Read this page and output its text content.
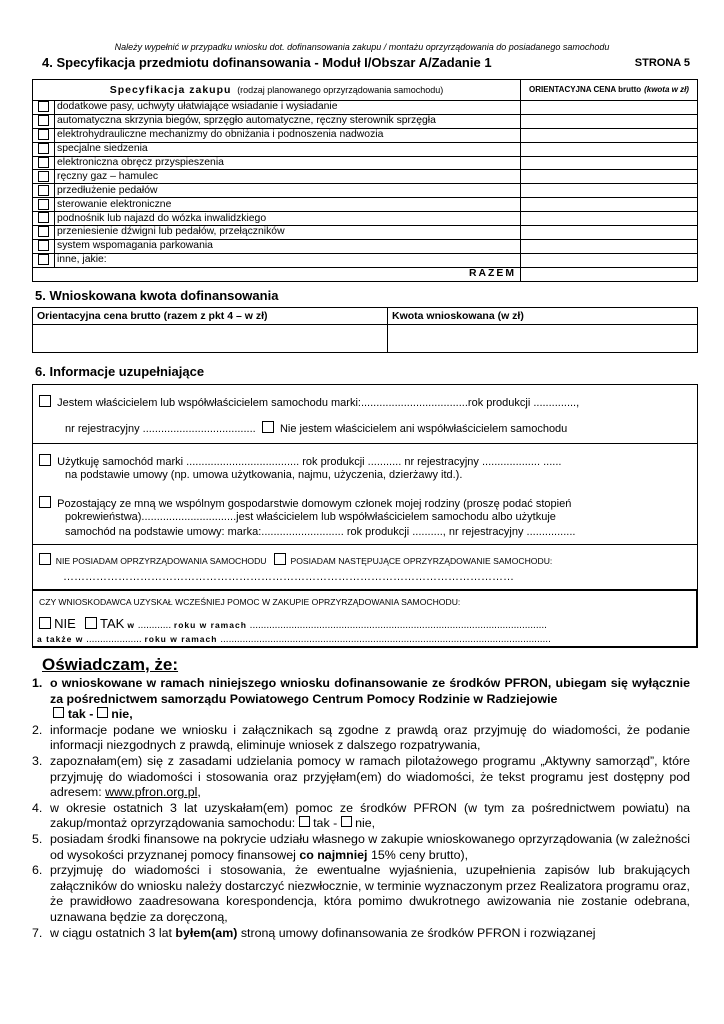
Należy wypełnić w przypadku wniosku dot. dofinansowania zakupu / montażu oprzyrządowania do posiadanego samochodu
4. Specyfikacja przedmiotu dofinansowania - Moduł I/Obszar A/Zadanie 1	STRONA 5
Specyfikacja zakupu (rodzaj planowanego oprzyrządowania samochodu)		ORIENTACYJNA CENA brutto (kwota w zł)
	dodatkowe pasy, uchwyty ułatwiające wsiadanie i wysiadanie	
	automatyczna skrzynia biegów, sprzęgło automatyczne, ręczny sterownik sprzęgła	
	elektrohydrauliczne mechanizmy do obniżania i podnoszenia nadwozia	
	specjalne siedzenia	
	elektroniczna obręcz przyspieszenia	
	ręczny gaz – hamulec	
	przedłużenie pedałów	
	sterowanie elektroniczne	
	podnośnik lub najazd do wózka inwalidzkiego	
	przeniesienie dźwigni lub pedałów, przełączników	
	system wspomagania parkowania	
	inne, jakie:	
RAZEM		
5. Wnioskowana kwota dofinansowania
Orientacyjna cena brutto (razem z pkt 4 – w zł)	Kwota wnioskowana (w zł)

6. Informacje uzupełniające
Jestem właścicielem lub współwłaścicielem samochodu marki:...................................rok produkcji ..............,
nr rejestracyjny ..................................... Nie jestem właścicielem ani współwłaścicielem samochodu
Użytkuję samochód marki ..................................... rok produkcji ........... nr rejestracyjny ................... ......
na podstawie umowy (np. umowa użytkowania, najmu, użyczenia, dzierżawy itd.).
Pozostający ze mną we wspólnym gospodarstwie domowym członek mojej rodziny (proszę podać stopień
pokrewieństwa)...............................jest właścicielem lub współwłaścicielem samochodu albo użytkuje
samochód na podstawie umowy: marka:........................... rok produkcji .........., nr rejestracyjny ................
NIE POSIADAM OPRZYRZĄDOWANIA SAMOCHODU	POSIADAM NASTĘPUJĄCE OPRZYRZĄDOWANIE SAMOCHODU:
……………………………………………………………………………………………………………
CZY WNIOSKODAWCA UZYSKAŁ WCZEŚNIEJ POMOC W ZAKUPIE OPRZYRZĄDOWANIA SAMOCHODU:
NIE TAK w ............ roku w ramach ...........................................................................................................
a także w .................... roku w ramach .......................................................................................................................
Oświadczam, że:
1. o wnioskowane w ramach niniejszego wniosku dofinansowanie ze środków PFRON, ubiegam się wyłącznie za pośrednictwem samorządu Powiatowego Centrum Pomocy Rodzinie w Radziejowie
tak -  nie,
2. informacje podane we wniosku i załącznikach są zgodne z prawdą oraz przyjmuję do wiadomości, że podanie informacji niezgodnych z prawdą, eliminuje wniosek z dalszego rozpatrywania,
3. zapoznałam(em) się z zasadami udzielania pomocy w ramach pilotażowego programu „Aktywny samorząd”, które przyjmuję do wiadomości i stosowania oraz przyjęłam(em) do wiadomości, że tekst programu jest dostępny pod adresem: www.pfron.org.pl,
4. w okresie ostatnich 3 lat uzyskałam(em) pomoc ze środków PFRON (w tym za pośrednictwem powiatu) na zakup/montaż oprzyrządowania samochodu: tak -  nie,
5. posiadam środki finansowe na pokrycie udziału własnego w zakupie wnioskowanego oprzyrządowania (w zależności od wysokości przyznanej pomocy finansowej co najmniej 15% ceny brutto),
6. przyjmuję do wiadomości i stosowania, że ewentualne wyjaśnienia, uzupełnienia zapisów lub brakujących załączników do wniosku należy dostarczyć niezwłocznie, w terminie wyznaczonym przez Realizatora programu oraz, że prawidłowo zaadresowana korespondencja, która pomimo dwukrotnego awizowania nie zostanie odebrana, uznawana będzie za doręczoną,
7. w ciągu ostatnich 3 lat byłem(am) stroną umowy dofinansowania ze środków PFRON i rozwiązanej
